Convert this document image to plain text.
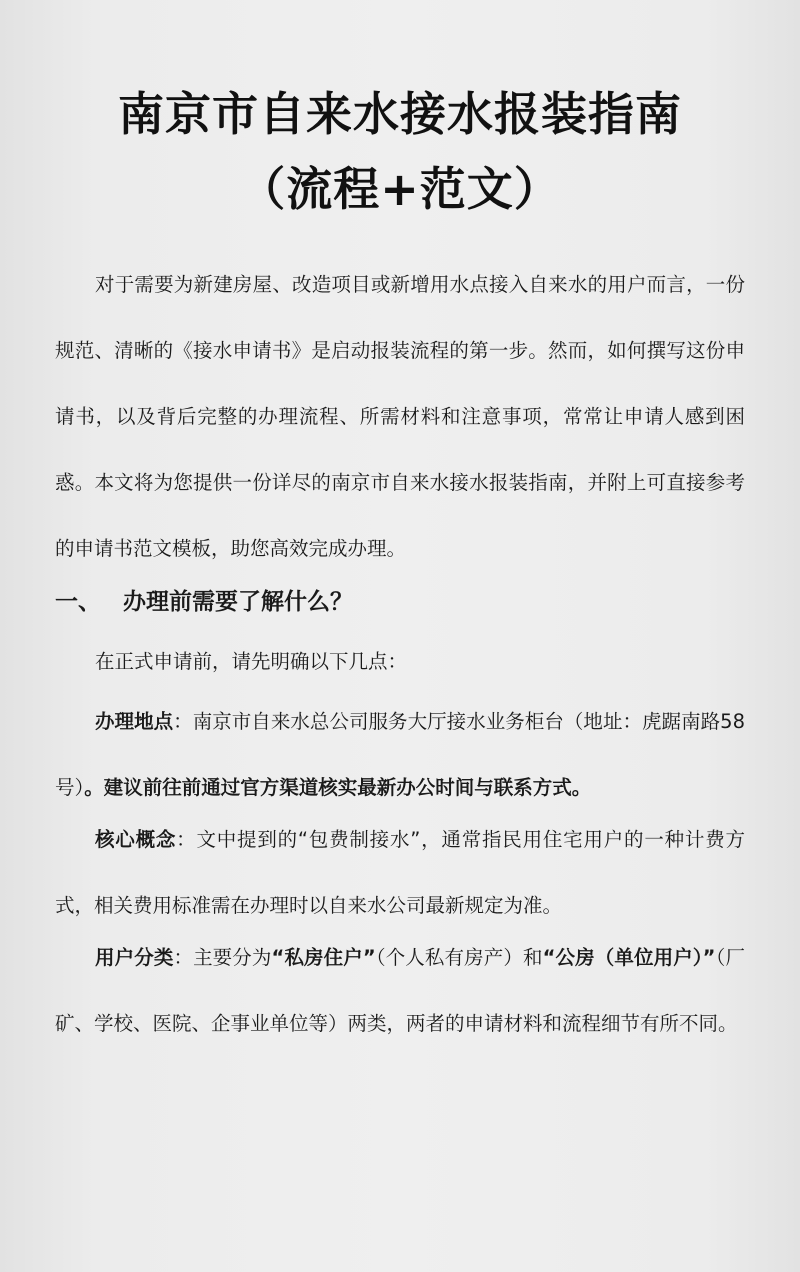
南京市自来水接水报装指南
（流程+范文）

对于需要为新建房屋、改造项目或新增用水点接入自来水的用户而言，一份规范、清晰的《接水申请书》是启动报装流程的第一步。然而，如何撰写这份申请书，以及背后完整的办理流程、所需材料和注意事项，常常让申请人感到困惑。本文将为您提供一份详尽的南京市自来水接水报装指南，并附上可直接参考的申请书范文模板，助您高效完成办理。

一、 办理前需要了解什么？

在正式申请前，请先明确以下几点：

办理地点：南京市自来水总公司服务大厅接水业务柜台（地址：虎踞南路58号）。建议前往前通过官方渠道核实最新办公时间与联系方式。

核心概念：文中提到的“包费制接水”，通常指民用住宅用户的一种计费方式，相关费用标准需在办理时以自来水公司最新规定为准。

用户分类：主要分为“私房住户”（个人私有房产）和“公房（单位用户）”（厂矿、学校、医院、企事业单位等）两类，两者的申请材料和流程细节有所不同。
